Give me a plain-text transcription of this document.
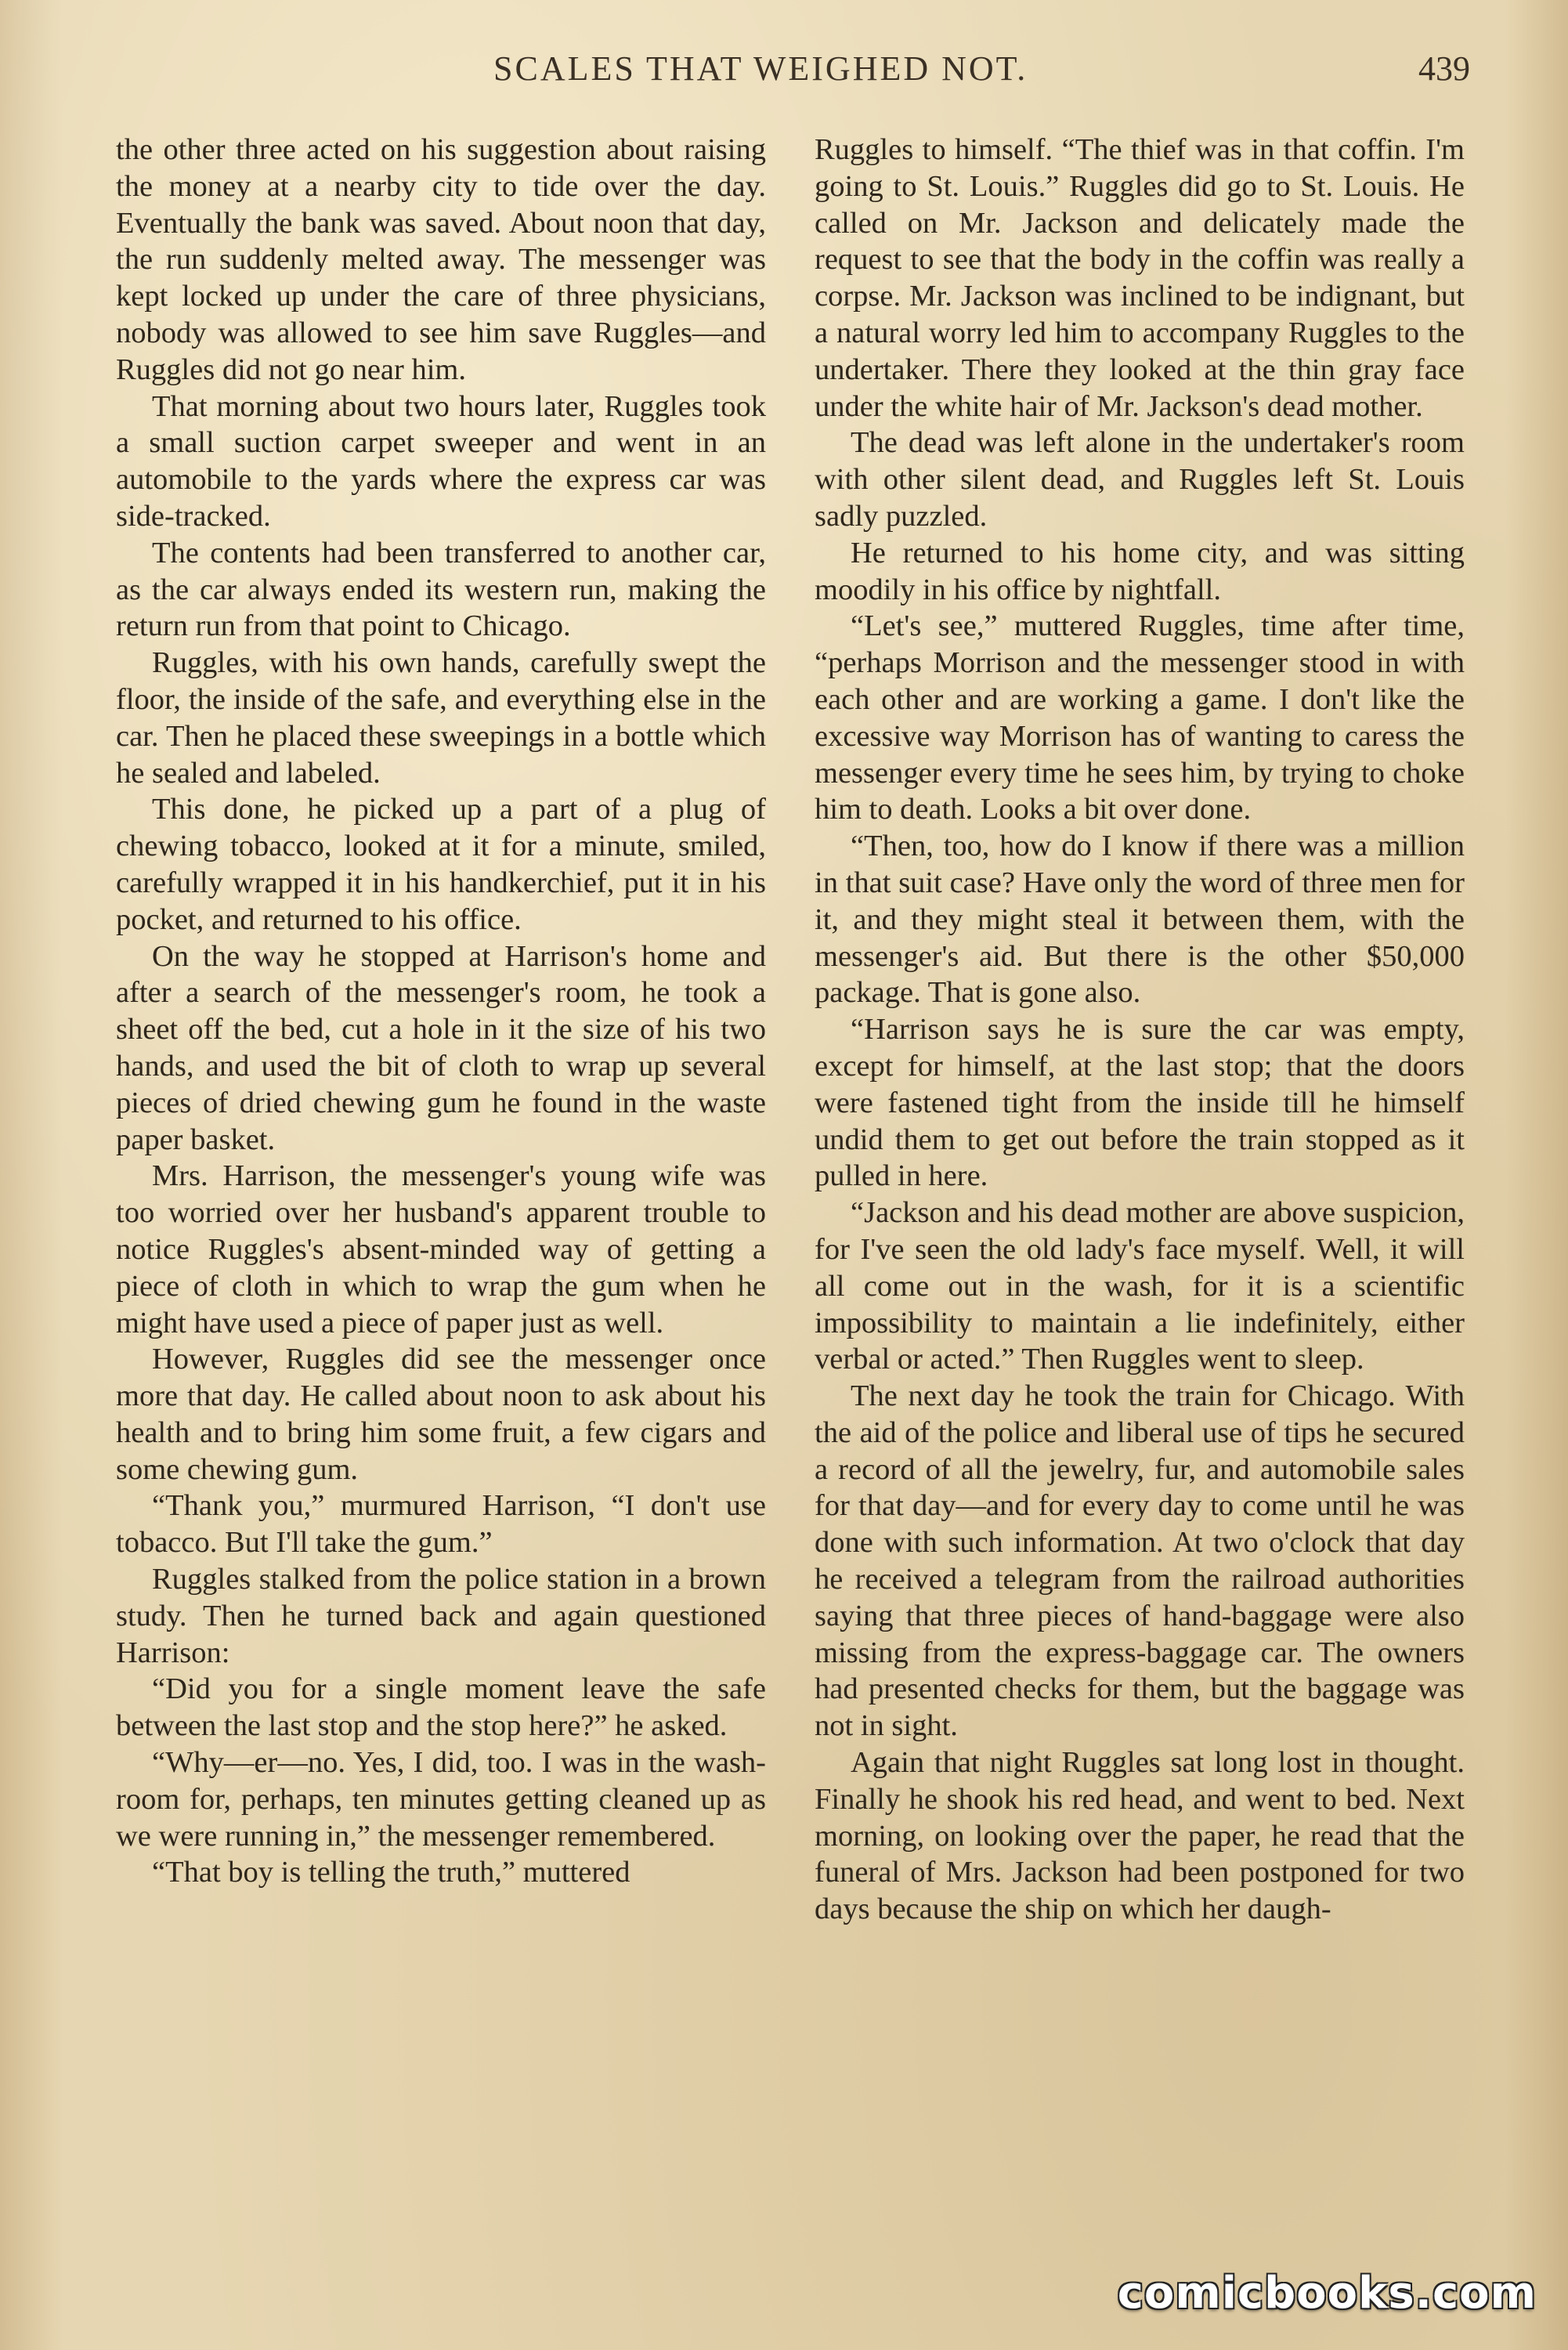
SCALES THAT WEIGHED NOT.	439

the other three acted on his suggestion about raising the money at a nearby city to tide over the day. Eventually the bank was saved. About noon that day, the run suddenly melted away. The messenger was kept locked up under the care of three physicians, nobody was allowed to see him save Ruggles—and Ruggles did not go near him.

That morning about two hours later, Ruggles took a small suction carpet sweeper and went in an automobile to the yards where the express car was side-tracked.

The contents had been transferred to another car, as the car always ended its western run, making the return run from that point to Chicago.

Ruggles, with his own hands, carefully swept the floor, the inside of the safe, and everything else in the car. Then he placed these sweepings in a bottle which he sealed and labeled.

This done, he picked up a part of a plug of chewing tobacco, looked at it for a minute, smiled, carefully wrapped it in his handkerchief, put it in his pocket, and returned to his office.

On the way he stopped at Harrison's home and after a search of the messenger's room, he took a sheet off the bed, cut a hole in it the size of his two hands, and used the bit of cloth to wrap up several pieces of dried chewing gum he found in the waste paper basket.

Mrs. Harrison, the messenger's young wife was too worried over her husband's apparent trouble to notice Ruggles's absent-minded way of getting a piece of cloth in which to wrap the gum when he might have used a piece of paper just as well.

However, Ruggles did see the messenger once more that day. He called about noon to ask about his health and to bring him some fruit, a few cigars and some chewing gum.

“Thank you,” murmured Harrison, “I don't use tobacco. But I'll take the gum.”

Ruggles stalked from the police station in a brown study. Then he turned back and again questioned Harrison:

“Did you for a single moment leave the safe between the last stop and the stop here?” he asked.

“Why—er—no. Yes, I did, too. I was in the wash-room for, perhaps, ten minutes getting cleaned up as we were running in,” the messenger remembered.

“That boy is telling the truth,” muttered

Ruggles to himself. “The thief was in that coffin. I'm going to St. Louis.” Ruggles did go to St. Louis. He called on Mr. Jackson and delicately made the request to see that the body in the coffin was really a corpse. Mr. Jackson was inclined to be indignant, but a natural worry led him to accompany Ruggles to the undertaker. There they looked at the thin gray face under the white hair of Mr. Jackson's dead mother.

The dead was left alone in the undertaker's room with other silent dead, and Ruggles left St. Louis sadly puzzled.

He returned to his home city, and was sitting moodily in his office by nightfall.

“Let's see,” muttered Ruggles, time after time, “perhaps Morrison and the messenger stood in with each other and are working a game. I don't like the excessive way Morrison has of wanting to caress the messenger every time he sees him, by trying to choke him to death. Looks a bit over done.

“Then, too, how do I know if there was a million in that suit case? Have only the word of three men for it, and they might steal it between them, with the messenger's aid. But there is the other $50,000 package. That is gone also.

“Harrison says he is sure the car was empty, except for himself, at the last stop; that the doors were fastened tight from the inside till he himself undid them to get out before the train stopped as it pulled in here.

“Jackson and his dead mother are above suspicion, for I've seen the old lady's face myself. Well, it will all come out in the wash, for it is a scientific impossibility to maintain a lie indefinitely, either verbal or acted.” Then Ruggles went to sleep.

The next day he took the train for Chicago. With the aid of the police and liberal use of tips he secured a record of all the jewelry, fur, and automobile sales for that day—and for every day to come until he was done with such information. At two o'clock that day he received a telegram from the railroad authorities saying that three pieces of hand-baggage were also missing from the express-baggage car. The owners had presented checks for them, but the baggage was not in sight.

Again that night Ruggles sat long lost in thought. Finally he shook his red head, and went to bed. Next morning, on looking over the paper, he read that the funeral of Mrs. Jackson had been postponed for two days because the ship on which her daugh-

comicbooks.com
